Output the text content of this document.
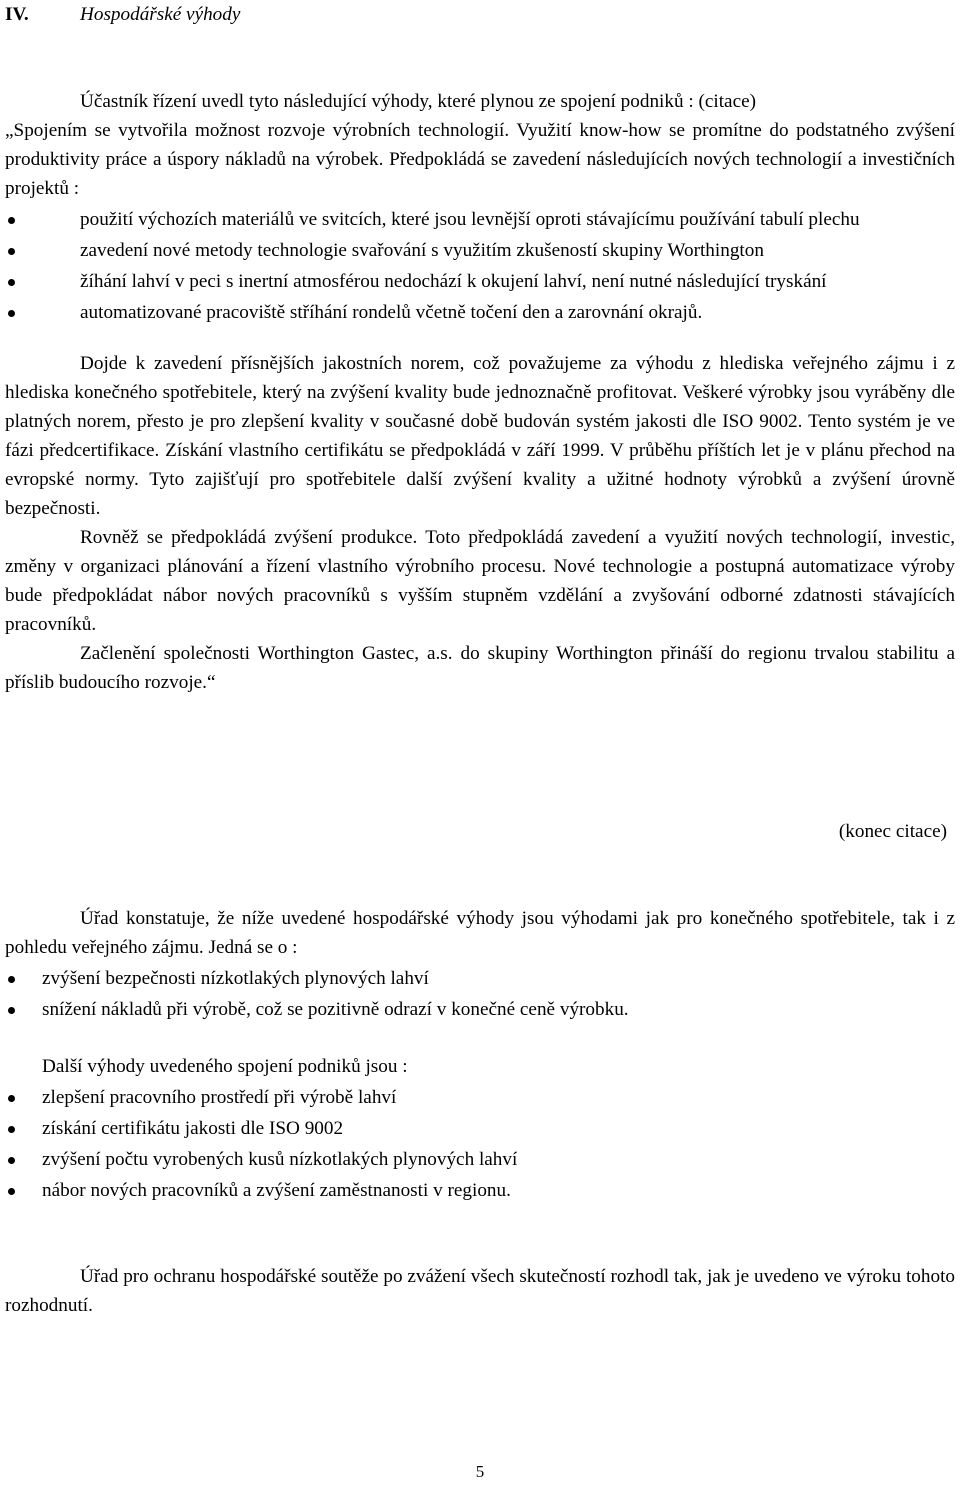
IV.	Hospodářské výhody

Účastník řízení uvedl tyto následující výhody, které plynou ze spojení podniků : (citace)

„Spojením se vytvořila možnost rozvoje výrobních technologií. Využití know-how se promítne do podstatného zvýšení produktivity práce a úspory nákladů na výrobek. Předpokládá se zavedení následujících nových technologií a investičních projektů :

použití výchozích materiálů ve svitcích, které jsou levnější oproti stávajícímu používání tabulí plechu

zavedení nové metody technologie svařování s využitím zkušeností skupiny Worthington

žíhání lahví v peci s inertní atmosférou nedochází k okujení lahví, není nutné následující tryskání

automatizované pracoviště stříhání rondelů včetně točení den a zarovnání okrajů.

Dojde k zavedení přísnějších jakostních norem, což považujeme za výhodu z hlediska veřejného zájmu i z hlediska konečného spotřebitele, který na zvýšení kvality bude jednoznačně profitovat. Veškeré výrobky jsou vyráběny dle platných norem, přesto je pro zlepšení kvality v současné době budován systém jakosti dle ISO 9002. Tento systém je ve fázi předcertifikace. Získání vlastního certifikátu se předpokládá v září 1999. V průběhu příštích let je v plánu přechod na evropské normy. Tyto zajišťují pro spotřebitele další zvýšení kvality a užitné hodnoty výrobků a zvýšení úrovně bezpečnosti.

Rovněž se předpokládá zvýšení produkce. Toto předpokládá zavedení a využití nových technologií, investic, změny v organizaci plánování a řízení vlastního výrobního procesu. Nové technologie a postupná automatizace výroby bude předpokládat nábor nových pracovníků s vyšším stupněm vzdělání a zvyšování odborné zdatnosti stávajících pracovníků.

Začlenění společnosti Worthington Gastec, a.s. do skupiny Worthington přináší do regionu trvalou stabilitu a příslib budoucího rozvoje.“

(konec citace)

Úřad konstatuje, že níže uvedené hospodářské výhody jsou výhodami jak pro konečného spotřebitele, tak i z pohledu veřejného zájmu. Jedná se o :

zvýšení bezpečnosti nízkotlakých plynových lahví

snížení nákladů při výrobě, což se pozitivně odrazí v konečné ceně výrobku.

Další výhody uvedeného spojení podniků jsou :

zlepšení pracovního prostředí při výrobě lahví

získání certifikátu jakosti dle ISO 9002

zvýšení počtu vyrobených kusů nízkotlakých plynových lahví

nábor nových pracovníků a zvýšení zaměstnanosti v regionu.

Úřad pro ochranu hospodářské soutěže po zvážení všech skutečností rozhodl tak, jak je uvedeno ve výroku tohoto rozhodnutí.

5
